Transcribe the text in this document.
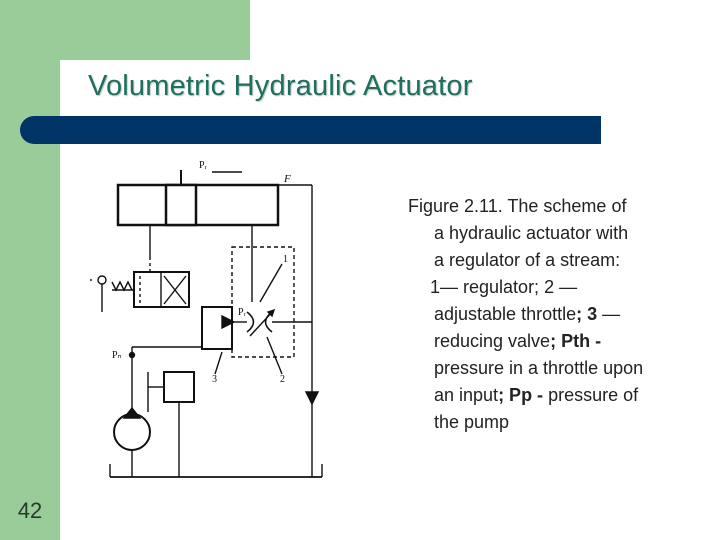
Volumetric Hydraulic Actuator
Pᵣ
F
1
Pᵣ
Pₙ
3	2
Figure 2.11. The scheme of
a hydraulic actuator with
a regulator of a stream:
1— regulator; 2 —
adjustable throttle; 3 —
reducing valve; Pth -
pressure in a throttle upon
an input; Pp - pressure of
the pump
42
